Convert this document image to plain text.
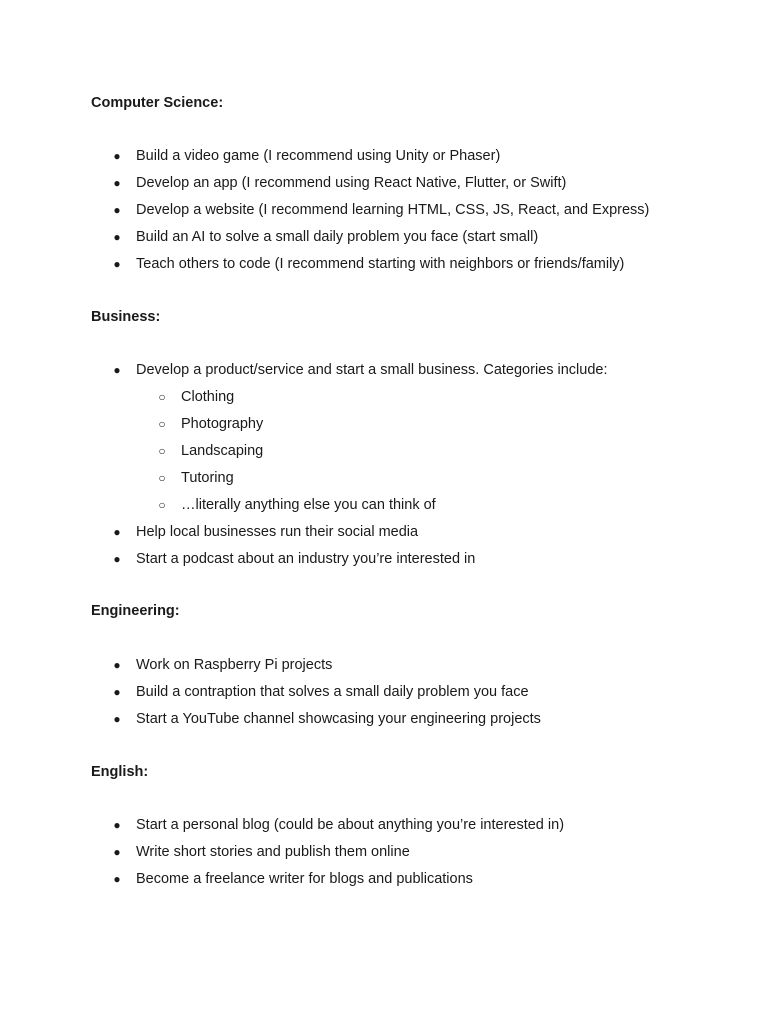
Computer Science:
● Build a video game (I recommend using Unity or Phaser)
● Develop an app (I recommend using React Native, Flutter, or Swift)
● Develop a website (I recommend learning HTML, CSS, JS, React, and Express)
● Build an AI to solve a small daily problem you face (start small)
● Teach others to code (I recommend starting with neighbors or friends/family)
Business:
● Develop a product/service and start a small business. Categories include:
○ Clothing
○ Photography
○ Landscaping
○ Tutoring
○ …literally anything else you can think of
● Help local businesses run their social media
● Start a podcast about an industry you’re interested in
Engineering:
● Work on Raspberry Pi projects
● Build a contraption that solves a small daily problem you face
● Start a YouTube channel showcasing your engineering projects
English:
● Start a personal blog (could be about anything you’re interested in)
● Write short stories and publish them online
● Become a freelance writer for blogs and publications
